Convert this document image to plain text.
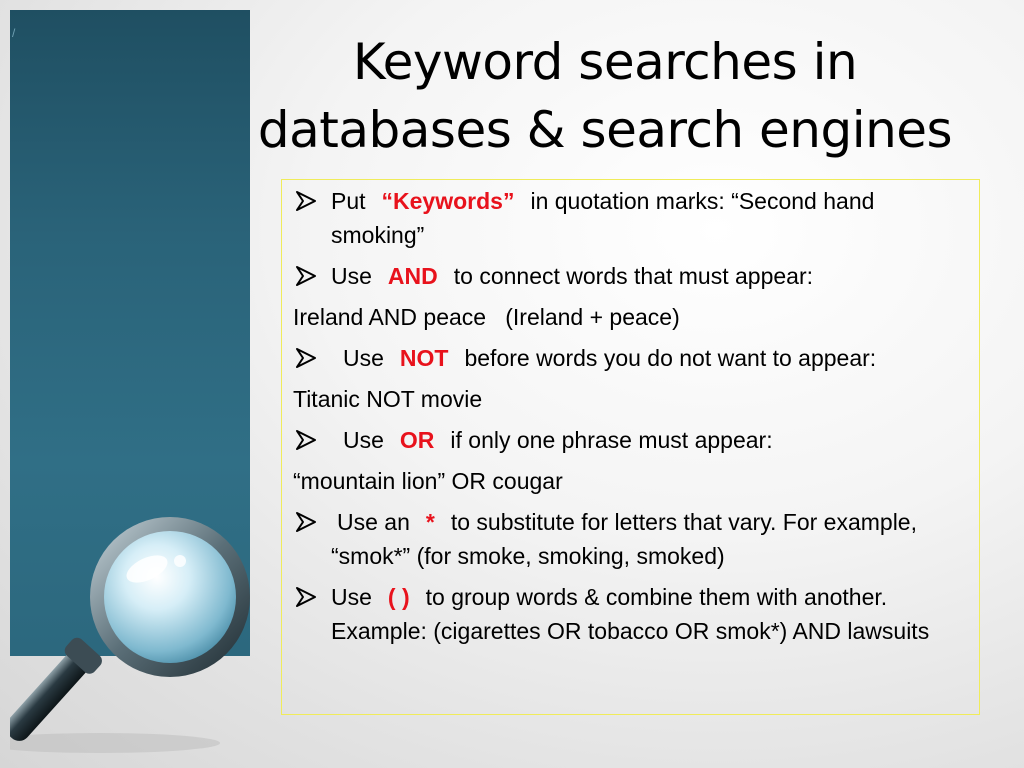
/	Keyword searches in
databases & search engines
Put “Keywords” in quotation marks: “Second hand smoking”
Use AND to connect words that must appear:
Ireland AND peace   (Ireland + peace)
Use NOT before words you do not want to appear:
Titanic NOT movie
Use OR if only one phrase must appear:
“mountain lion” OR cougar
Use an * to substitute for letters that vary. For example, “smok*” (for smoke, smoking, smoked)
Use ( ) to group words & combine them with another. Example: (cigarettes OR tobacco OR smok*) AND lawsuits
